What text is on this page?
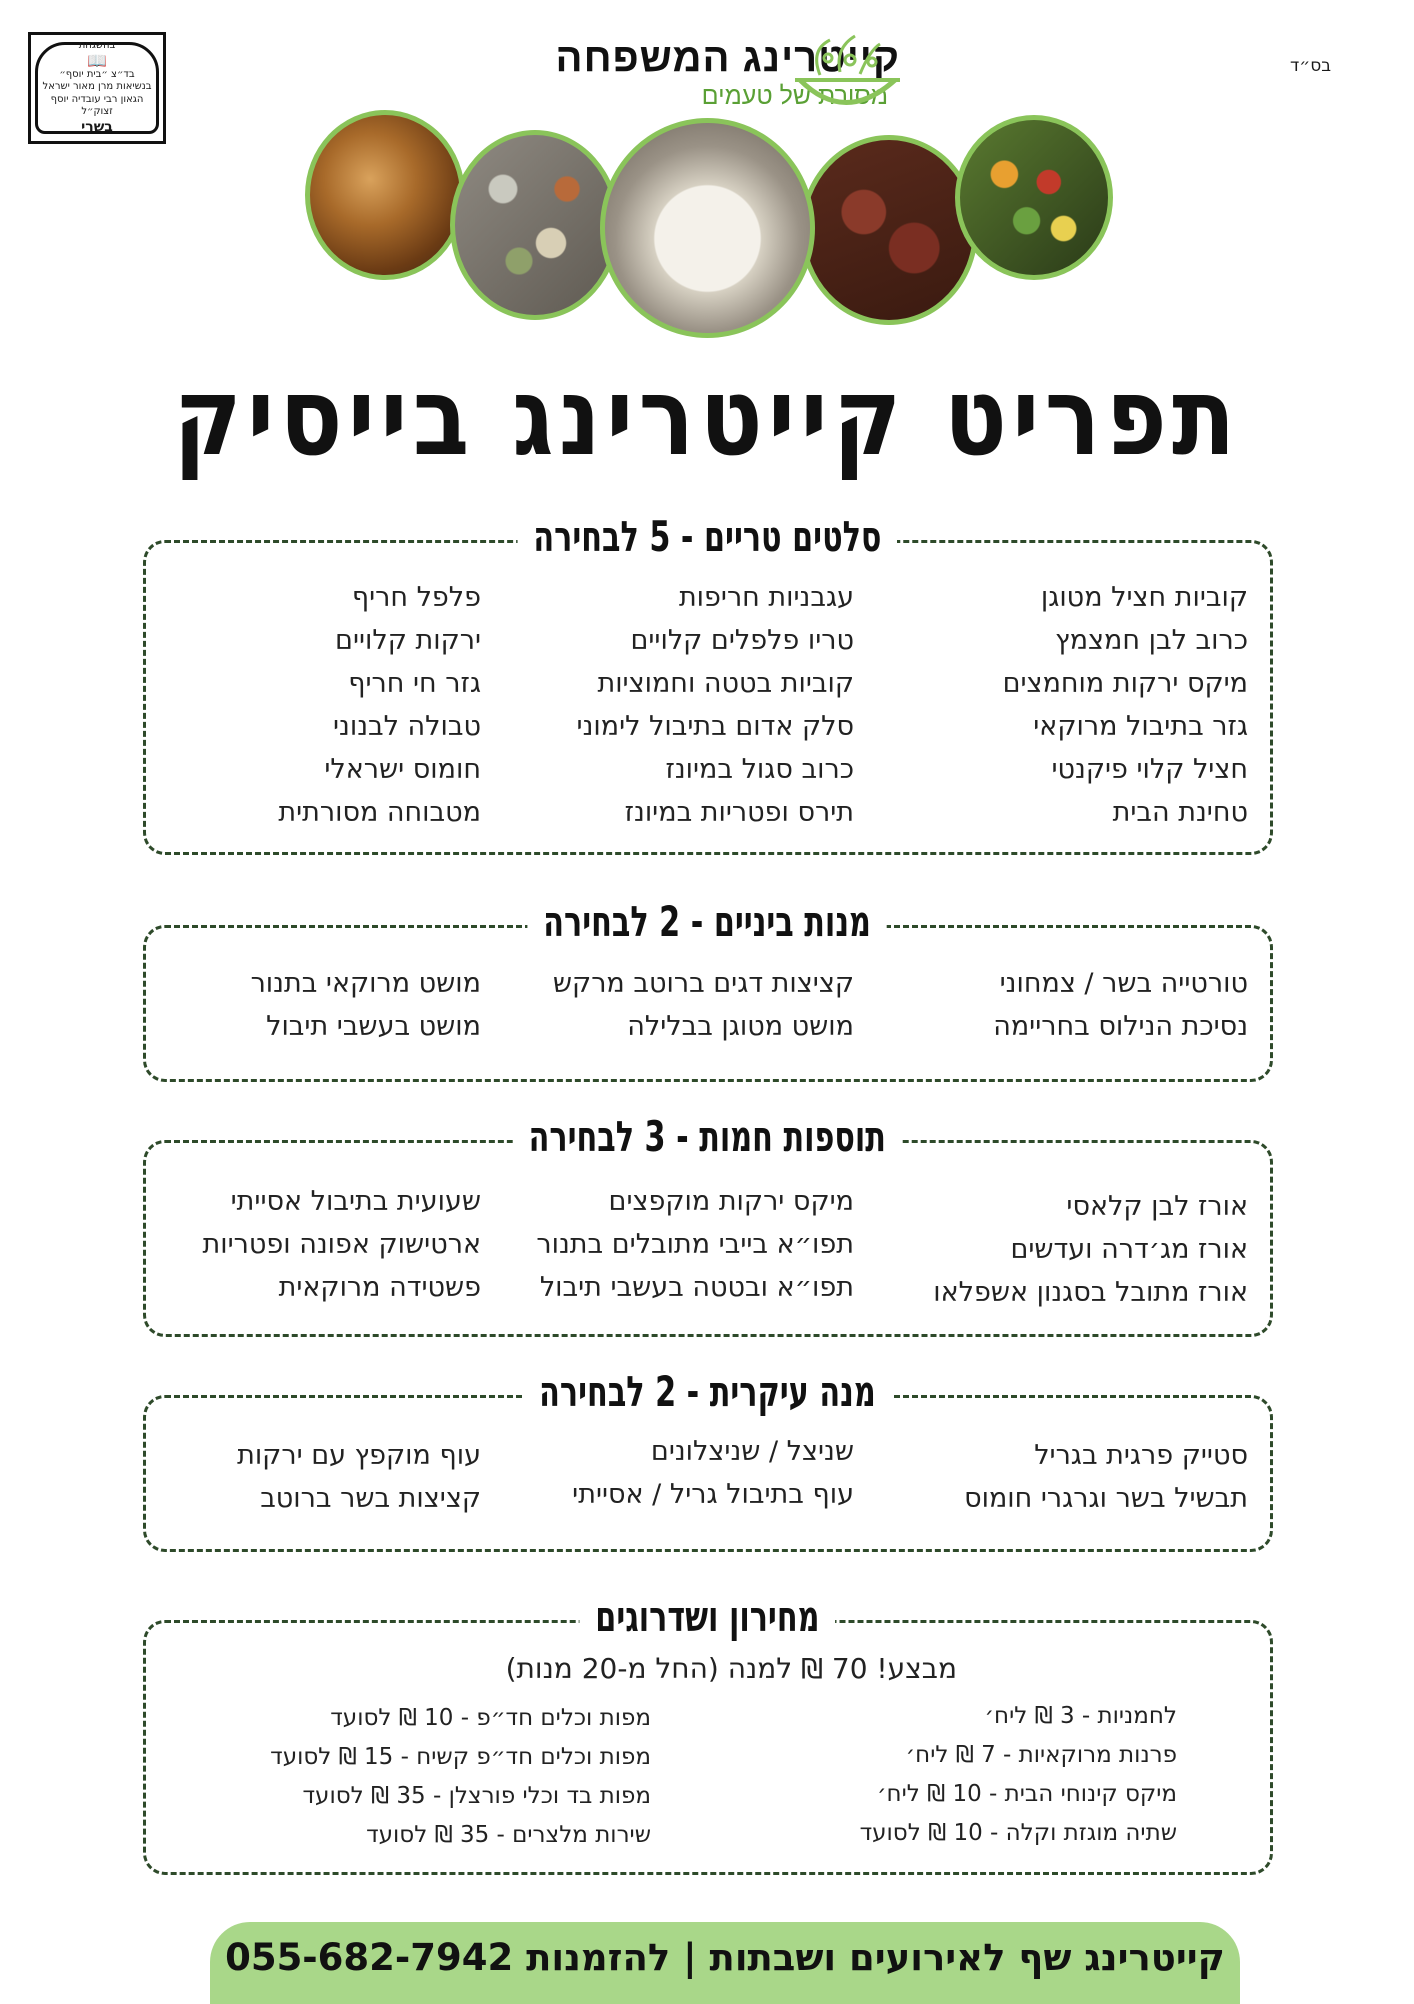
בס״ד
בהשגחת
📖
בד״צ ״בית יוסף״
בנשיאות מרן מאור ישראל
הגאון רבי עובדיה יוסף זצוק״ל
בשרי
קייטרינג המשפחה
מסורת של טעמים
תפריט קייטרינג בייסיק
סלטים טריים - 5 לבחירה
קוביות חציל מטוגן
כרוב לבן חמצמץ
מיקס ירקות מוחמצים
גזר בתיבול מרוקאי
חציל קלוי פיקנטי
טחינת הבית
עגבניות חריפות
טריו פלפלים קלויים
קוביות בטטה וחמוציות
סלק אדום בתיבול לימוני
כרוב סגול במיונז
תירס ופטריות במיונז
פלפל חריף
ירקות קלויים
גזר חי חריף
טבולה לבנוני
חומוס ישראלי
מטבוחה מסורתית
מנות ביניים - 2 לבחירה
טורטייה בשר / צמחוני
נסיכת הנילוס בחריימה
קציצות דגים ברוטב מרקש
מושט מטוגן בבלילה
מושט מרוקאי בתנור
מושט בעשבי תיבול
תוספות חמות - 3 לבחירה
אורז לבן קלאסי
אורז מג׳דרה ועדשים
אורז מתובל בסגנון אשפלאו
מיקס ירקות מוקפצים
תפו״א בייבי מתובלים בתנור
תפו״א ובטטה בעשבי תיבול
שעועית בתיבול אסייתי
ארטישוק אפונה ופטריות
פשטידה מרוקאית
מנה עיקרית - 2 לבחירה
סטייק פרגית בגריל
תבשיל בשר וגרגרי חומוס
שניצל / שניצלונים
עוף בתיבול גריל / אסייתי
עוף מוקפץ עם ירקות
קציצות בשר ברוטב
מחירון ושדרוגים
מבצע! 70 ₪ למנה (החל מ-20 מנות)
לחמניות - 3 ₪ ליח׳
פרנות מרוקאיות - 7 ₪ ליח׳
מיקס קינוחי הבית - 10 ₪ ליח׳
שתיה מוגזת וקלה - 10 ₪ לסועד
מפות וכלים חד״פ - 10 ₪ לסועד
מפות וכלים חד״פ קשיח - 15 ₪ לסועד
מפות בד וכלי פורצלן - 35 ₪ לסועד
שירות מלצרים - 35 ₪ לסועד
קייטרינג שף לאירועים ושבתות | להזמנות 055-682-7942
